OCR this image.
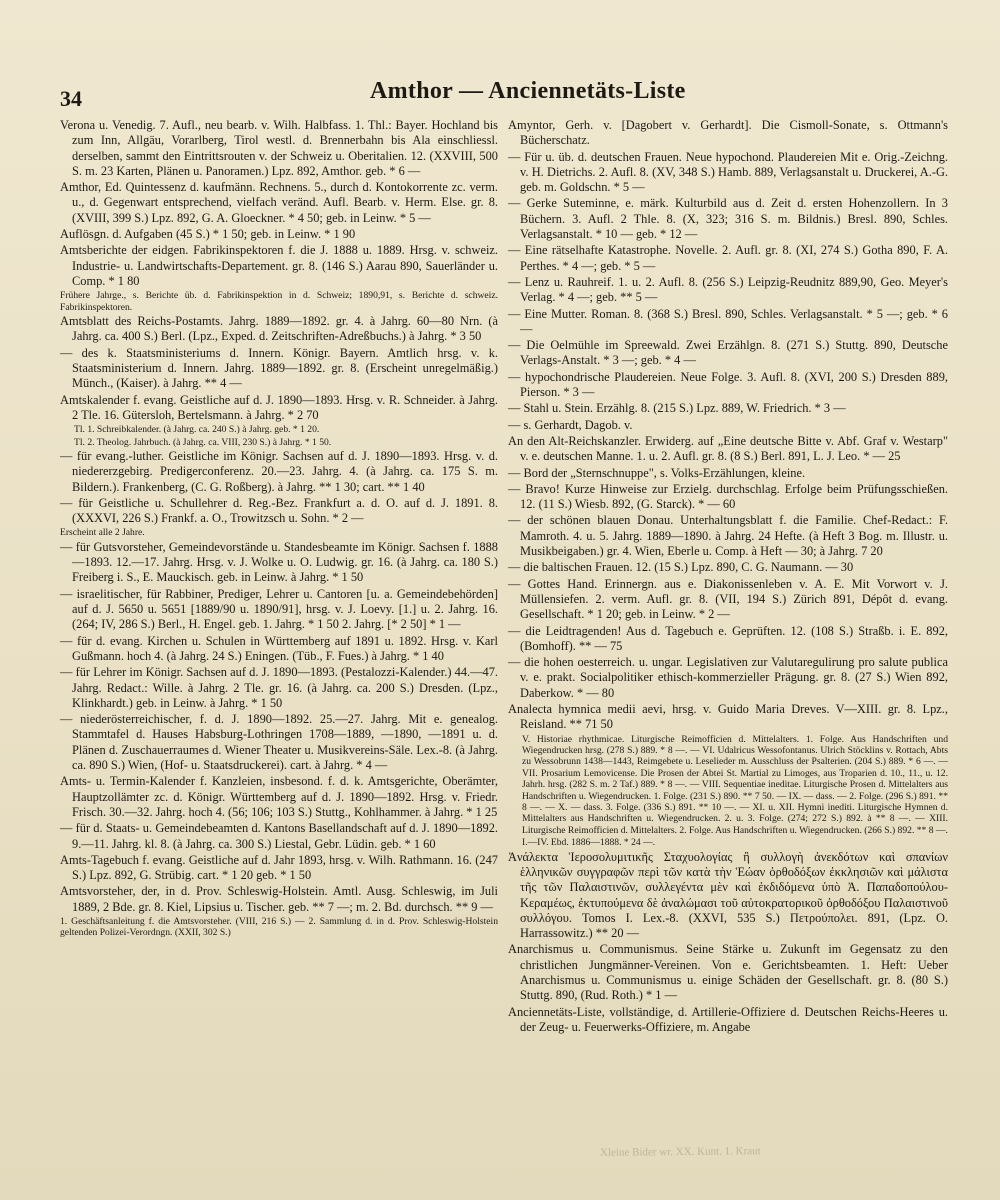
34	Amthor — Anciennetäts-Liste

Verona u. Venedig. 7. Aufl., neu bearb. v. Wilh. Halbfass. 1. Thl.: Bayer. Hochland bis zum Inn, Allgäu, Vorarlberg, Tirol westl. d. Brennerbahn bis Ala einschliessl. derselben, sammt den Eintrittsrouten v. der Schweiz u. Oberitalien. 12. (XXVIII, 500 S. m. 23 Karten, Plänen u. Panoramen.) Lpz. 892, Amthor. geb. * 6 —

Amthor, Ed. Quintessenz d. kaufmänn. Rechnens. 5., durch d. Kontokorrente zc. verm. u., d. Gegenwart entsprechend, vielfach veränd. Aufl. Bearb. v. Herm. Else. gr. 8. (XVIII, 399 S.) Lpz. 892, G. A. Gloeckner. * 4 50; geb. in Leinw. * 5 —

Auflösgn. d. Aufgaben (45 S.) * 1 50; geb. in Leinw. * 1 90

Amtsberichte der eidgen. Fabrikinspektoren f. die J. 1888 u. 1889. Hrsg. v. schweiz. Industrie- u. Landwirtschafts-Departement. gr. 8. (146 S.) Aarau 890, Sauerländer u. Comp. * 1 80

Frühere Jahrge., s. Berichte üb. d. Fabrikinspektion in d. Schweiz; 1890,91, s. Berichte d. schweiz. Fabrikinspektoren.

Amtsblatt des Reichs-Postamts. Jahrg. 1889—1892. gr. 4. à Jahrg. 60—80 Nrn. (à Jahrg. ca. 400 S.) Berl. (Lpz., Exped. d. Zeitschriften-Adreßbuchs.) à Jahrg. * 3 50

— des k. Staatsministeriums d. Innern. Königr. Bayern. Amtlich hrsg. v. k. Staatsministerium d. Innern. Jahrg. 1889—1892. gr. 8. (Erscheint unregelmäßig.) Münch., (Kaiser). à Jahrg. ** 4 —

Amtskalender f. evang. Geistliche auf d. J. 1890—1893. Hrsg. v. R. Schneider. à Jahrg. 2 Tle. 16. Gütersloh, Bertelsmann. à Jahrg. * 2 70

Tl. 1. Schreibkalender. (à Jahrg. ca. 240 S.) à Jahrg. geb. * 1 20.

Tl. 2. Theolog. Jahrbuch. (à Jahrg. ca. VIII, 230 S.) à Jahrg. * 1 50.

— für evang.-luther. Geistliche im Königr. Sachsen auf d. J. 1890—1893. Hrsg. v. d. niedererzgebirg. Predigerconferenz. 20.—23. Jahrg. 4. (à Jahrg. ca. 175 S. m. Bildern.). Frankenberg, (C. G. Roßberg). à Jahrg. ** 1 30; cart. ** 1 40

— für Geistliche u. Schullehrer d. Reg.-Bez. Frankfurt a. d. O. auf d. J. 1891. 8. (XXXVI, 226 S.) Frankf. a. O., Trowitzsch u. Sohn. * 2 —

Erscheint alle 2 Jahre.

— für Gutsvorsteher, Gemeindevorstände u. Standesbeamte im Königr. Sachsen f. 1888—1893. 12.—17. Jahrg. Hrsg. v. J. Wolke u. O. Ludwig. gr. 16. (à Jahrg. ca. 180 S.) Freiberg i. S., E. Mauckisch. geb. in Leinw. à Jahrg. * 1 50

— israelitischer, für Rabbiner, Prediger, Lehrer u. Cantoren [u. a. Gemeindebehörden] auf d. J. 5650 u. 5651 [1889/90 u. 1890/91], hrsg. v. J. Loevy. [1.] u. 2. Jahrg. 16. (264; IV, 286 S.) Berl., H. Engel. geb. 1. Jahrg. * 1 50 2. Jahrg. [* 2 50] * 1 —

— für d. evang. Kirchen u. Schulen in Württemberg auf 1891 u. 1892. Hrsg. v. Karl Gußmann. hoch 4. (à Jahrg. 24 S.) Eningen. (Tüb., F. Fues.) à Jahrg. * 1 40

— für Lehrer im Königr. Sachsen auf d. J. 1890—1893. (Pestalozzi-Kalender.) 44.—47. Jahrg. Redact.: Wille. à Jahrg. 2 Tle. gr. 16. (à Jahrg. ca. 200 S.) Dresden. (Lpz., Klinkhardt.) geb. in Leinw. à Jahrg. * 1 50

— niederösterreichischer, f. d. J. 1890—1892. 25.—27. Jahrg. Mit e. genealog. Stammtafel d. Hauses Habsburg-Lothringen 1708—1889, —1890, —1891 u. d. Plänen d. Zuschauerraumes d. Wiener Theater u. Musikvereins-Säle. Lex.-8. (à Jahrg. ca. 890 S.) Wien, (Hof- u. Staatsdruckerei). cart. à Jahrg. * 4 —

Amts- u. Termin-Kalender f. Kanzleien, insbesond. f. d. k. Amtsgerichte, Oberämter, Hauptzollämter zc. d. Königr. Württemberg auf d. J. 1890—1892. Hrsg. v. Friedr. Frisch. 30.—32. Jahrg. hoch 4. (56; 106; 103 S.) Stuttg., Kohlhammer. à Jahrg. * 1 25

— für d. Staats- u. Gemeindebeamten d. Kantons Basellandschaft auf d. J. 1890—1892. 9.—11. Jahrg. kl. 8. (à Jahrg. ca. 300 S.) Liestal, Gebr. Lüdin. geb. * 1 60

Amts-Tagebuch f. evang. Geistliche auf d. Jahr 1893, hrsg. v. Wilh. Rathmann. 16. (247 S.) Lpz. 892, G. Strübig. cart. * 1 20 geb. * 1 50

Amtsvorsteher, der, in d. Prov. Schleswig-Holstein. Amtl. Ausg. Schleswig, im Juli 1889, 2 Bde. gr. 8. Kiel, Lipsius u. Tischer. geb. ** 7 —; m. 2. Bd. durchsch. ** 9 —

1. Geschäftsanleitung f. die Amtsvorsteher. (VIII, 216 S.) — 2. Sammlung d. in d. Prov. Schleswig-Holstein geltenden Polizei-Verordngn. (XXII, 302 S.)

Amyntor, Gerh. v. [Dagobert v. Gerhardt]. Die Cismoll-Sonate, s. Ottmann's Bücherschatz.

— Für u. üb. d. deutschen Frauen. Neue hypochond. Plaudereien Mit e. Orig.-Zeichng. v. H. Dietrichs. 2. Aufl. 8. (XV, 348 S.) Hamb. 889, Verlagsanstalt u. Druckerei, A.-G. geb. m. Goldschn. * 5 —

— Gerke Suteminne, e. märk. Kulturbild aus d. Zeit d. ersten Hohenzollern. In 3 Büchern. 3. Aufl. 2 Thle. 8. (X, 323; 316 S. m. Bildnis.) Bresl. 890, Schles. Verlagsanstalt. * 10 — geb. * 12 —

— Eine rätselhafte Katastrophe. Novelle. 2. Aufl. gr. 8. (XI, 274 S.) Gotha 890, F. A. Perthes. * 4 —; geb. * 5 —

— Lenz u. Rauhreif. 1. u. 2. Aufl. 8. (256 S.) Leipzig-Reudnitz 889,90, Geo. Meyer's Verlag. * 4 —; geb. ** 5 —

— Eine Mutter. Roman. 8. (368 S.) Bresl. 890, Schles. Verlagsanstalt. * 5 —; geb. * 6 —

— Die Oelmühle im Spreewald. Zwei Erzählgn. 8. (271 S.) Stuttg. 890, Deutsche Verlags-Anstalt. * 3 —; geb. * 4 —

— hypochondrische Plaudereien. Neue Folge. 3. Aufl. 8. (XVI, 200 S.) Dresden 889, Pierson. * 3 —

— Stahl u. Stein. Erzählg. 8. (215 S.) Lpz. 889, W. Friedrich. * 3 —

— s. Gerhardt, Dagob. v.

An den Alt-Reichskanzler. Erwiderg. auf „Eine deutsche Bitte v. Abf. Graf v. Westarp" v. e. deutschen Manne. 1. u. 2. Aufl. gr. 8. (8 S.) Berl. 891, L. J. Leo. * — 25

— Bord der „Sternschnuppe", s. Volks-Erzählungen, kleine.

— Bravo! Kurze Hinweise zur Erzielg. durchschlag. Erfolge beim Prüfungsschießen. 12. (11 S.) Wiesb. 892, (G. Starck). * — 60

— der schönen blauen Donau. Unterhaltungsblatt f. die Familie. Chef-Redact.: F. Mamroth. 4. u. 5. Jahrg. 1889—1890. à Jahrg. 24 Hefte. (à Heft 3 Bog. m. Illustr. u. Musikbeigaben.) gr. 4. Wien, Eberle u. Comp. à Heft — 30; à Jahrg. 7 20

— die baltischen Frauen. 12. (15 S.) Lpz. 890, C. G. Naumann. — 30

— Gottes Hand. Erinnergn. aus e. Diakonissenleben v. A. E. Mit Vorwort v. J. Müllensiefen. 2. verm. Aufl. gr. 8. (VII, 194 S.) Zürich 891, Dépôt d. evang. Gesellschaft. * 1 20; geb. in Leinw. * 2 —

— die Leidtragenden! Aus d. Tagebuch e. Geprüften. 12. (108 S.) Straßb. i. E. 892, (Bomhoff). ** — 75

— die hohen oesterreich. u. ungar. Legislativen zur Valutaregulirung pro salute publica v. e. prakt. Socialpolitiker ethisch-kommerzieller Prägung. gr. 8. (27 S.) Wien 892, Daberkow. * — 80

Analecta hymnica medii aevi, hrsg. v. Guido Maria Dreves. V—XIII. gr. 8. Lpz., Reisland. ** 71 50

V. Historiae rhythmicae. Liturgische Reimofficien d. Mittelalters. 1. Folge. Aus Handschriften und Wiegendrucken hrsg. (278 S.) 889. * 8 —. — VI. Udalricus Wessofontanus. Ulrich Stöcklins v. Rottach, Abts zu Wessobrunn 1438—1443, Reimgebete u. Leselieder m. Ausschluss der Psalterien. (204 S.) 889. * 6 —. — VII. Prosarium Lemovicense. Die Prosen der Abtei St. Martial zu Limoges, aus Troparien d. 10., 11., u. 12. Jahrh. hrsg. (282 S. m. 2 Taf.) 889. * 8 —. — VIII. Sequentiae ineditae. Liturgische Prosen d. Mittelalters aus Handschriften u. Wiegendrucken. 1. Folge. (231 S.) 890. ** 7 50. — IX. — dass. — 2. Folge. (296 S.) 891. ** 8 —. — X. — dass. 3. Folge. (336 S.) 891. ** 10 —. — XI. u. XII. Hymni inediti. Liturgische Hymnen d. Mittelalters aus Handschriften u. Wiegendrucken. 2. u. 3. Folge. (274; 272 S.) 892. à ** 8 —. — XIII. Liturgische Reimofficien d. Mittelalters. 2. Folge. Aus Handschriften u. Wiegendrucken. (266 S.) 892. ** 8 —.

I.—IV. Ebd. 1886—1888. * 24 —.

Ἀνάλεκτα Ἱεροσολυμιτικῆς Σταχυολογίας ἢ συλλογὴ ἀνεκδότων καὶ σπανίων ἑλληνικῶν συγγραφῶν περὶ τῶν κατὰ τὴν Ἑώαν ὀρθοδόξων ἐκκλησιῶν καὶ μάλιστα τῆς τῶν Παλαιστινῶν, συλλεγέντα μὲν καὶ ἐκδιδόμενα ὑπὸ Ἀ. Παπαδοπούλου-Κεραμέως, ἐκτυπούμενα δὲ ἀναλώμασι τοῦ αὐτοκρατορικοῦ ὀρθοδόξου Παλαιστινοῦ συλλόγου. Tomos I. Lex.-8. (XXVI, 535 S.) Πετρούπολει. 891, (Lpz. O. Harrassowitz.) ** 20 —

Anarchismus u. Communismus. Seine Stärke u. Zukunft im Gegensatz zu den christlichen Jungmänner-Vereinen. Von e. Gerichtsbeamten. 1. Heft: Ueber Anarchismus u. Communismus u. einige Schäden der Gesellschaft. gr. 8. (80 S.) Stuttg. 890, (Rud. Roth.) * 1 —

Anciennetäts-Liste, vollständige, d. Artillerie-Offiziere d. Deutschen Reichs-Heeres u. der Zeug- u. Feuerwerks-Offiziere, m. Angabe

Xleine Bider wr. XX. Kunt. 1. Kraut
